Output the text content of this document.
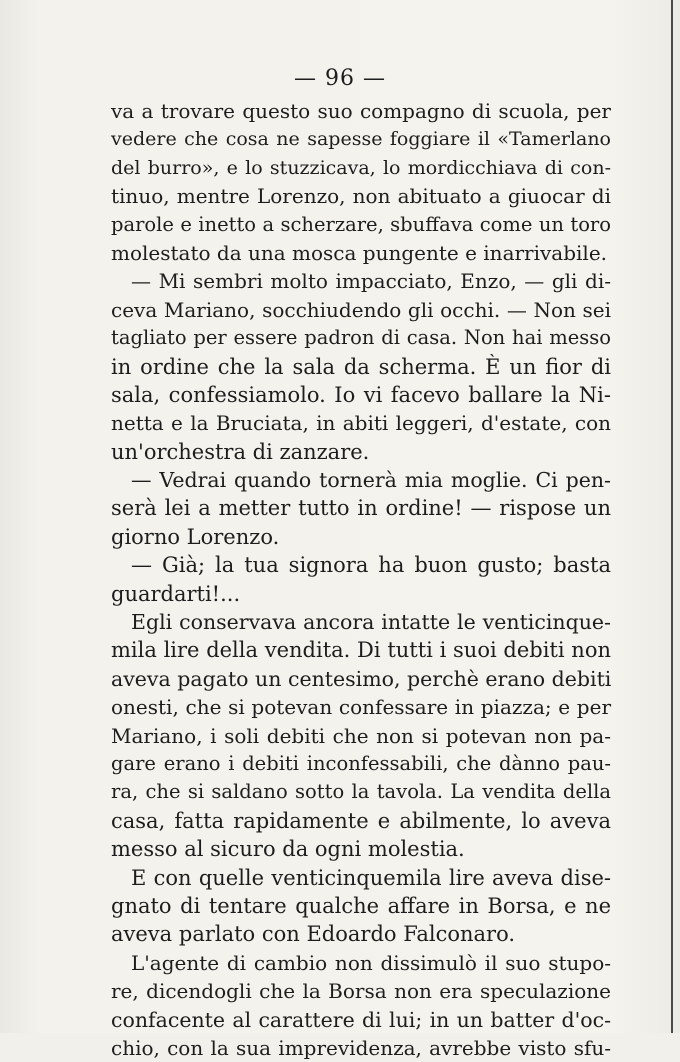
— 96 —
va a trovare questo suo compagno di scuola, per
vedere che cosa ne sapesse foggiare il «Tamerlano
del burro», e lo stuzzicava, lo mordicchiava di con-
tinuo, mentre Lorenzo, non abituato a giuocar di
parole e inetto a scherzare, sbuffava come un toro
molestato da una mosca pungente e inarrivabile.
— Mi sembri molto impacciato, Enzo, — gli di-
ceva Mariano, socchiudendo gli occhi. — Non sei
tagliato per essere padron di casa. Non hai messo
in ordine che la sala da scherma. È un fior di
sala, confessiamolo. Io vi facevo ballare la Ni-
netta e la Bruciata, in abiti leggeri, d'estate, con
un'orchestra di zanzare.
— Vedrai quando tornerà mia moglie. Ci pen-
serà lei a metter tutto in ordine! — rispose un
giorno Lorenzo.
— Già; la tua signora ha buon gusto; basta
guardarti!...
Egli conservava ancora intatte le venticinque-
mila lire della vendita. Di tutti i suoi debiti non
aveva pagato un centesimo, perchè erano debiti
onesti, che si potevan confessare in piazza; e per
Mariano, i soli debiti che non si potevan non pa-
gare erano i debiti inconfessabili, che dànno pau-
ra, che si saldano sotto la tavola. La vendita della
casa, fatta rapidamente e abilmente, lo aveva
messo al sicuro da ogni molestia.
E con quelle venticinquemila lire aveva dise-
gnato di tentare qualche affare in Borsa, e ne
aveva parlato con Edoardo Falconaro.
L'agente di cambio non dissimulò il suo stupo-
re, dicendogli che la Borsa non era speculazione
confacente al carattere di lui; in un batter d'oc-
chio, con la sua imprevidenza, avrebbe visto sfu-
